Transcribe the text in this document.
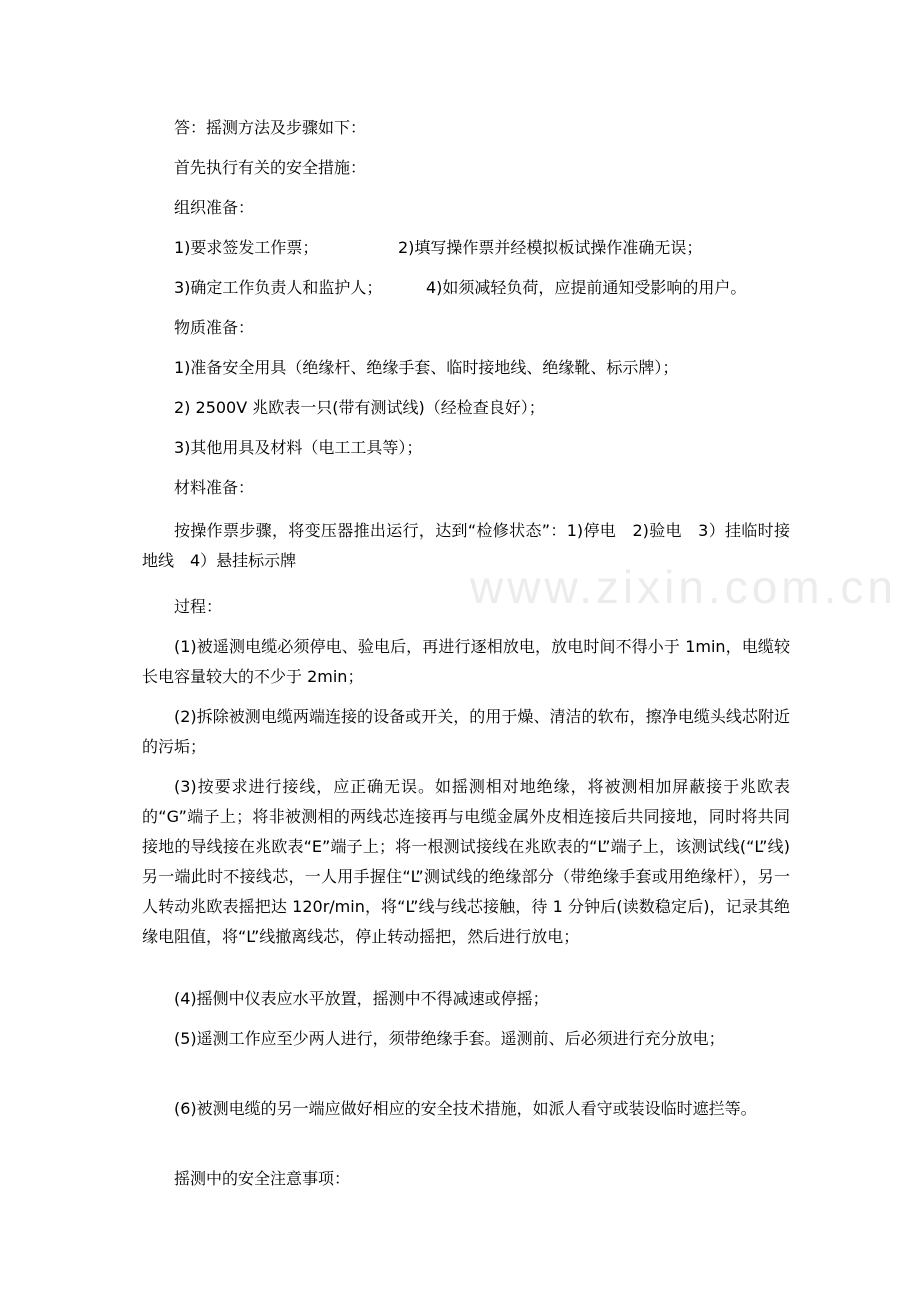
答：摇测方法及步骤如下：

首先执行有关的安全措施：

组织准备：

1)要求签发工作票；	2)填写操作票并经模拟板试操作准确无误；

3)确定工作负责人和监护人；	4)如须减轻负荷，应提前通知受影响的用户。

物质准备：

1)准备安全用具（绝缘杆、绝缘手套、临时接地线、绝缘靴、标示牌）；

2) 2500V 兆欧表一只(带有测试线)（经检查良好）；

3)其他用具及材料（电工工具等）；

材料准备：

按操作票步骤，将变压器推出运行，达到“检修状态”：1)停电　2)验电　3）挂临时接地线　4）悬挂标示牌

过程：

(1)被遥测电缆必须停电、验电后，再进行逐相放电，放电时间不得小于 1min，电缆较长电容量较大的不少于 2min；

(2)拆除被测电缆两端连接的设备或开关，的用于燥、清洁的软布，擦净电缆头线芯附近的污垢；

(3)按要求进行接线，应正确无误。如摇测相对地绝缘，将被测相加屏蔽接于兆欧表的“G”端子上；将非被测相的两线芯连接再与电缆金属外皮相连接后共同接地，同时将共同接地的导线接在兆欧表“E”端子上；将一根测试接线在兆欧表的“L”端子上，该测试线(“L”线)另一端此时不接线芯，一人用手握住“L”测试线的绝缘部分（带绝缘手套或用绝缘杆），另一人转动兆欧表摇把达 120r/min，将“L”线与线芯接触，待 1 分钟后(读数稳定后)，记录其绝缘电阻值，将“L”线撤离线芯，停止转动摇把，然后进行放电；

(4)摇侧中仪表应水平放置，摇测中不得减速或停摇；

(5)遥测工作应至少两人进行，须带绝缘手套。遥测前、后必须进行充分放电；

(6)被测电缆的另一端应做好相应的安全技术措施，如派人看守或装设临时遮拦等。

摇测中的安全注意事项：

www.zixin.com.cn
